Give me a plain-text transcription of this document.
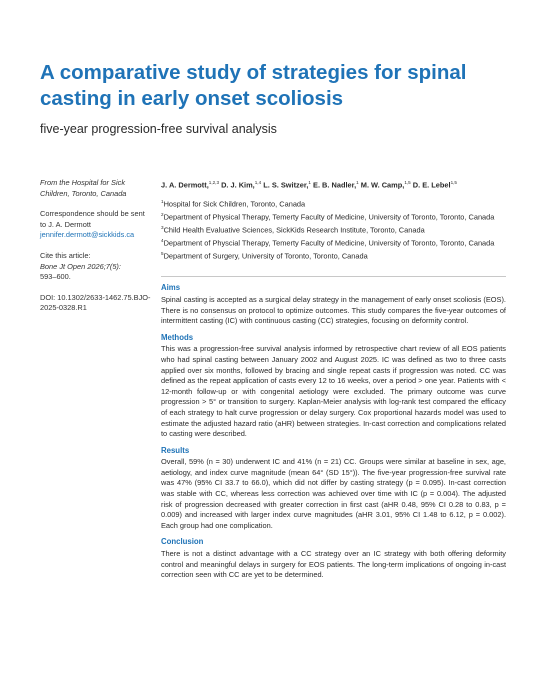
A comparative study of strategies for spinal casting in early onset scoliosis

five-year progression-free survival analysis

From the Hospital for Sick Children, Toronto, Canada

Correspondence should be sent to J. A. Dermott jennifer.dermott@sickkids.ca

Cite this article:
Bone Jt Open 2026;7(5):
593–600.

DOI: 10.1302/2633-1462.75.BJO-2025-0328.R1

J. A. Dermott,$^{1,2,3}$ D. J. Kim,$^{1,4}$ L. S. Switzer,$^1$ E. B. Nadler,$^1$ M. W. Camp,$^{1,5}$ D. E. Lebel$^{1,5}$

$^1$Hospital for Sick Children, Toronto, Canada

$^2$Department of Physical Therapy, Temerty Faculty of Medicine, University of Toronto, Toronto, Canada

$^3$Child Health Evaluative Sciences, SickKids Research Institute, Toronto, Canada

$^4$Department of Physcial Therapy, Temerty Faculty of Medicine, University of Toronto, Toronto, Canada

$^5$Department of Surgery, University of Toronto, Toronto, Canada

Aims

Spinal casting is accepted as a surgical delay strategy in the management of early onset scoliosis (EOS). There is no consensus on protocol to optimize outcomes. This study compares the five-year outcomes of intermittent casting (IC) with continuous casting (CC) strategies, focusing on deformity control.

Methods

This was a progression-free survival analysis informed by retrospective chart review of all EOS patients who had spinal casting between January 2002 and August 2025. IC was defined as two to three casts applied over six months, followed by bracing and single repeat casts if progression was noted. CC was defined as the repeat application of casts every 12 to 16 weeks, over a period > one year. Patients with < 12-month follow-up or with congenital aetiology were excluded. The primary outcome was curve progression > 5° or transition to surgery. Kaplan-Meier analysis with log-rank test compared the efficacy of each strategy to halt curve progression or delay surgery. Cox proportional hazards model was used to estimate the adjusted hazard ratio (aHR) between strategies. In-cast correction and complications related to casting were described.

Results

Overall, 59% (n = 30) underwent IC and 41% (n = 21) CC. Groups were similar at baseline in sex, age, aetiology, and index curve magnitude (mean 64° (SD 15°)). The five-year progression-free survival rate was 47% (95% CI 33.7 to 66.0), which did not differ by casting strategy (p = 0.095). In-cast correction was stable with CC, whereas less correction was achieved over time with IC (p = 0.004). The adjusted risk of progression decreased with greater correction in first cast (aHR 0.48, 95% CI 0.28 to 0.83, p = 0.009) and increased with larger index curve magnitudes (aHR 3.01, 95% CI 1.48 to 6.12, p = 0.002). Each group had one complication.

Conclusion

There is not a distinct advantage with a CC strategy over an IC strategy with both offering deformity control and meaningful delays in surgery for EOS patients. The long-term implications of ongoing in-cast correction seen with CC are yet to be determined.
